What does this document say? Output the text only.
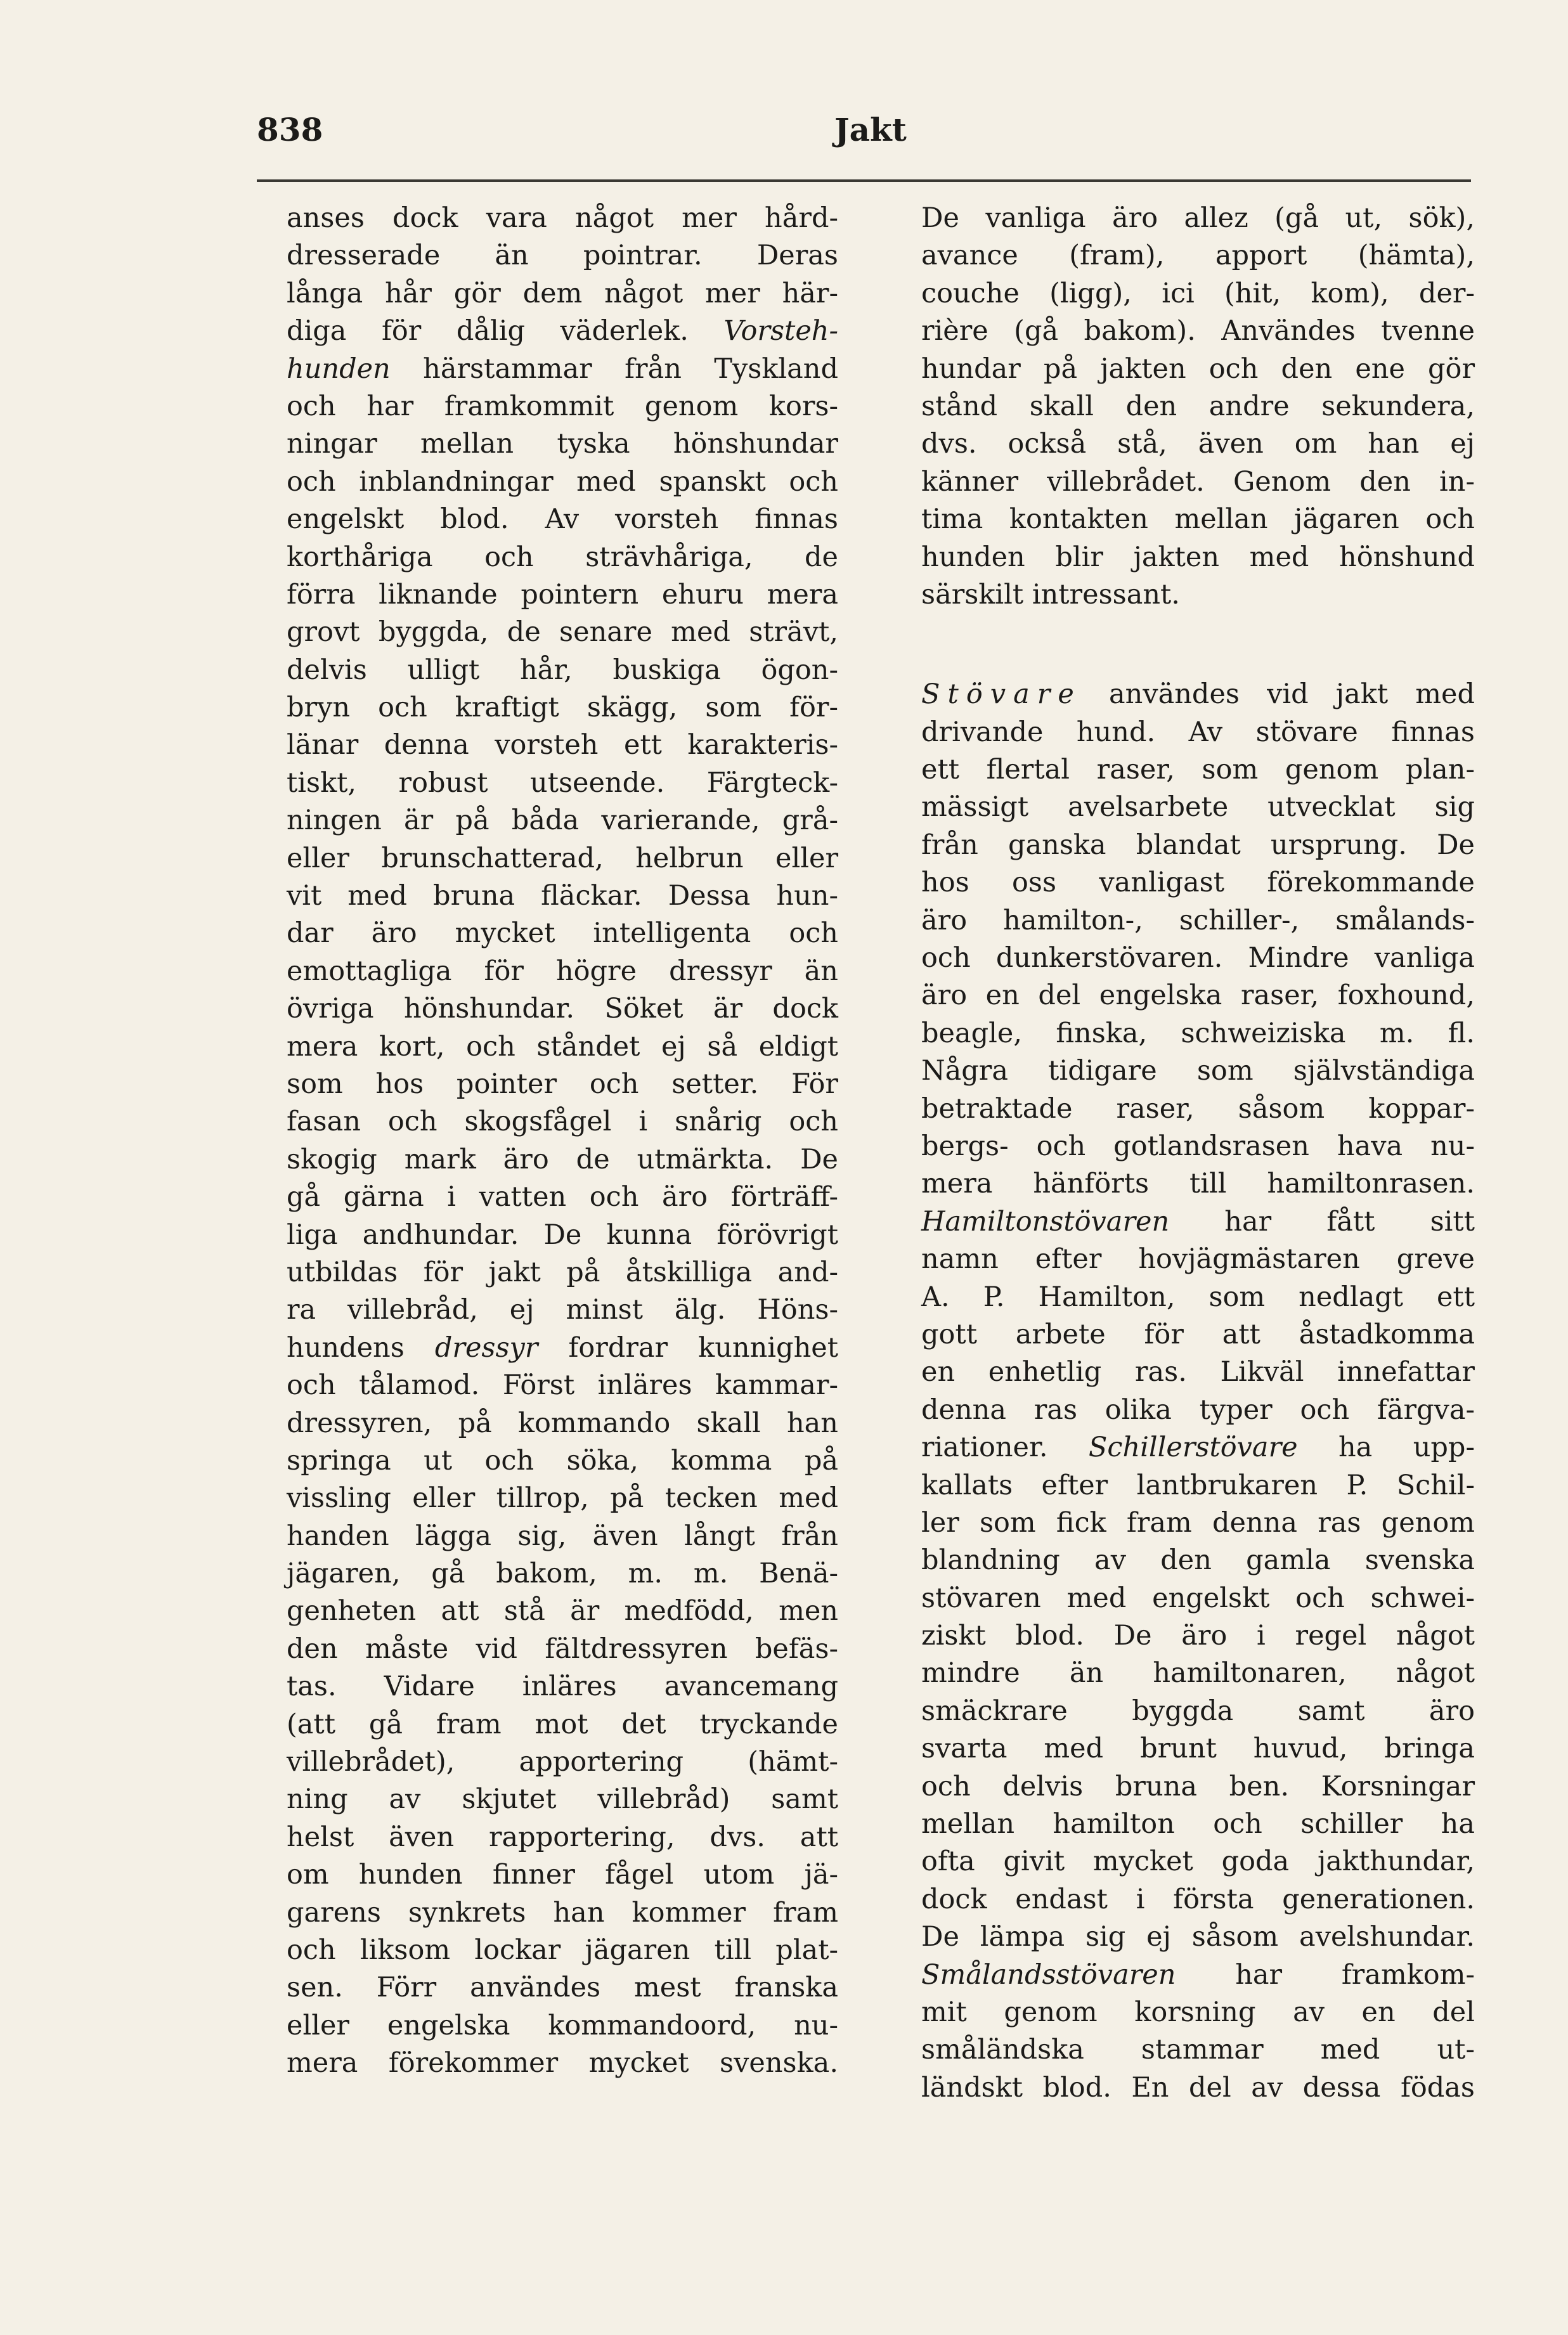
838	Jakt
anses dock vara något mer hård-
dresserade än pointrar. Deras
långa hår gör dem något mer här-
diga för dålig väderlek. Vorsteh-
hunden härstammar från Tyskland
och har framkommit genom kors-
ningar mellan tyska hönshundar
och inblandningar med spanskt och
engelskt blod. Av vorsteh finnas
korthåriga och strävhåriga, de
förra liknande pointern ehuru mera
grovt byggda, de senare med strävt,
delvis ulligt hår, buskiga ögon-
bryn och kraftigt skägg, som för-
länar denna vorsteh ett karakteris-
tiskt, robust utseende. Färgteck-
ningen är på båda varierande, grå-
eller brunschatterad, helbrun eller
vit med bruna fläckar. Dessa hun-
dar äro mycket intelligenta och
emottagliga för högre dressyr än
övriga hönshundar. Söket är dock
mera kort, och ståndet ej så eldigt
som hos pointer och setter. För
fasan och skogsfågel i snårig och
skogig mark äro de utmärkta. De
gå gärna i vatten och äro förträff-
liga andhundar. De kunna förövrigt
utbildas för jakt på åtskilliga and-
ra villebråd, ej minst älg. Höns-
hundens dressyr fordrar kunnighet
och tålamod. Först inläres kammar-
dressyren, på kommando skall han
springa ut och söka, komma på
vissling eller tillrop, på tecken med
handen lägga sig, även långt från
jägaren, gå bakom, m. m. Benä-
genheten att stå är medfödd, men
den måste vid fältdressyren befäs-
tas. Vidare inläres avancemang
(att gå fram mot det tryckande
villebrådet), apportering (hämt-
ning av skjutet villebråd) samt
helst även rapportering, dvs. att
om hunden finner fågel utom jä-
garens synkrets han kommer fram
och liksom lockar jägaren till plat-
sen. Förr användes mest franska
eller engelska kommandoord, nu-
mera förekommer mycket svenska.
De vanliga äro allez (gå ut, sök),
avance (fram), apport (hämta),
couche (ligg), ici (hit, kom), der-
rière (gå bakom). Användes tvenne
hundar på jakten och den ene gör
stånd skall den andre sekundera,
dvs. också stå, även om han ej
känner villebrådet. Genom den in-
tima kontakten mellan jägaren och
hunden blir jakten med hönshund
särskilt intressant.
Stövare användes vid jakt med
drivande hund. Av stövare finnas
ett flertal raser, som genom plan-
mässigt avelsarbete utvecklat sig
från ganska blandat ursprung. De
hos oss vanligast förekommande
äro hamilton-, schiller-, smålands-
och dunkerstövaren. Mindre vanliga
äro en del engelska raser, foxhound,
beagle, finska, schweiziska m. fl.
Några tidigare som självständiga
betraktade raser, såsom koppar-
bergs- och gotlandsrasen hava nu-
mera hänförts till hamiltonrasen.
Hamiltonstövaren har fått sitt
namn efter hovjägmästaren greve
A. P. Hamilton, som nedlagt ett
gott arbete för att åstadkomma
en enhetlig ras. Likväl innefattar
denna ras olika typer och färgva-
riationer. Schillerstövare ha upp-
kallats efter lantbrukaren P. Schil-
ler som fick fram denna ras genom
blandning av den gamla svenska
stövaren med engelskt och schwei-
ziskt blod. De äro i regel något
mindre än hamiltonaren, något
smäckrare byggda samt äro
svarta med brunt huvud, bringa
och delvis bruna ben. Korsningar
mellan hamilton och schiller ha
ofta givit mycket goda jakthundar,
dock endast i första generationen.
De lämpa sig ej såsom avelshundar.
Smålandsstövaren har framkom-
mit genom korsning av en del
småländska stammar med ut-
ländskt blod. En del av dessa födas
